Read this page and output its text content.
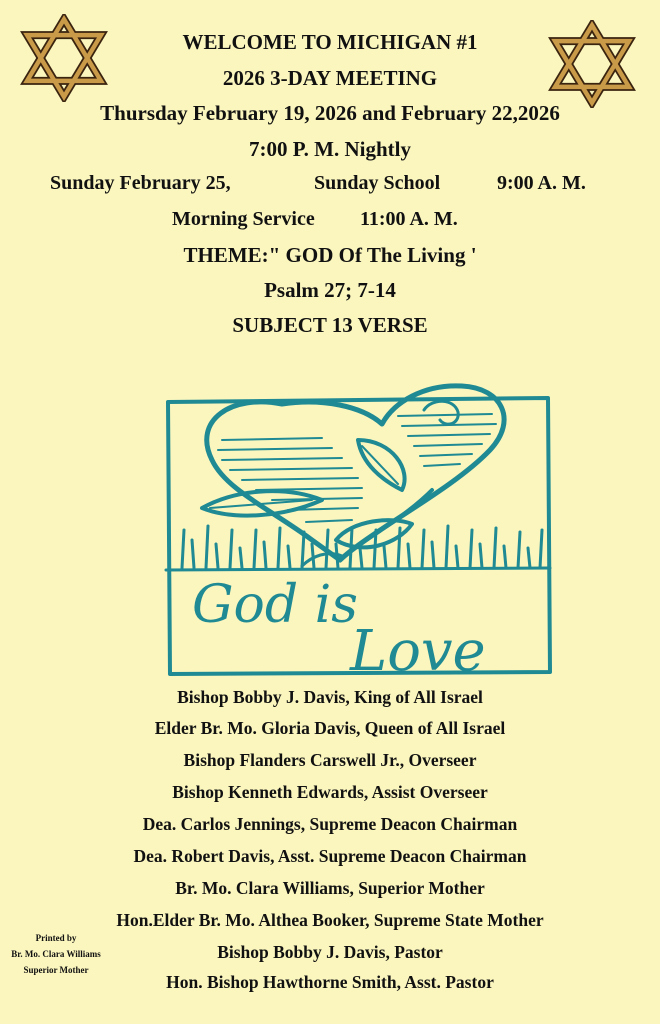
WELCOME TO MICHIGAN #1
2026 3-DAY MEETING
Thursday February 19, 2026 and February 22,2026
7:00 P. M. Nightly
Sunday February 25,	Sunday School	9:00 A. M.
Morning Service 11:00 A. M.
THEME:" GOD Of The Living '
Psalm 27; 7-14
SUBJECT 13 VERSE
God is
Love
Bishop Bobby J. Davis, King of All Israel
Elder Br. Mo. Gloria Davis, Queen of All Israel
Bishop Flanders Carswell Jr., Overseer
Bishop Kenneth Edwards, Assist Overseer
Dea. Carlos Jennings, Supreme Deacon Chairman
Dea. Robert Davis, Asst. Supreme Deacon Chairman
Br. Mo. Clara Williams, Superior Mother
Hon.Elder Br. Mo. Althea Booker, Supreme State Mother
Bishop Bobby J. Davis, Pastor
Hon. Bishop Hawthorne Smith, Asst. Pastor
Printed by
Br. Mo. Clara Williams
Superior Mother
